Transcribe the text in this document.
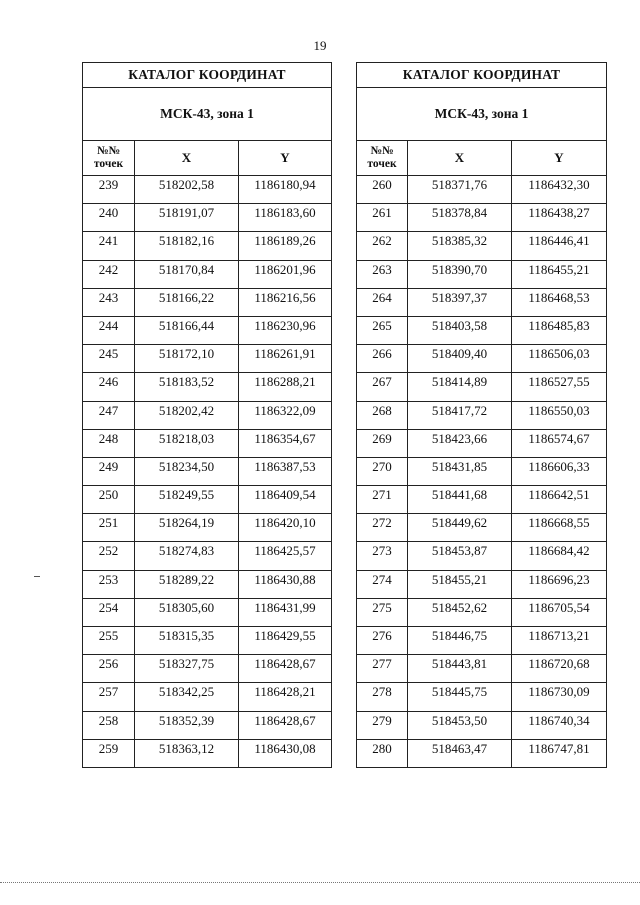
19
КАТАЛОГ КООРДИНАТ		
МСК-43, зона 1		
№№ точек	X	Y
239	518202,58	1186180,94
240	518191,07	1186183,60
241	518182,16	1186189,26
242	518170,84	1186201,96
243	518166,22	1186216,56
244	518166,44	1186230,96
245	518172,10	1186261,91
246	518183,52	1186288,21
247	518202,42	1186322,09
248	518218,03	1186354,67
249	518234,50	1186387,53
250	518249,55	1186409,54
251	518264,19	1186420,10
252	518274,83	1186425,57
253	518289,22	1186430,88
254	518305,60	1186431,99
255	518315,35	1186429,55
256	518327,75	1186428,67
257	518342,25	1186428,21
258	518352,39	1186428,67
259	518363,12	1186430,08
КАТАЛОГ КООРДИНАТ		
МСК-43, зона 1		
№№ точек	X	Y
260	518371,76	1186432,30
261	518378,84	1186438,27
262	518385,32	1186446,41
263	518390,70	1186455,21
264	518397,37	1186468,53
265	518403,58	1186485,83
266	518409,40	1186506,03
267	518414,89	1186527,55
268	518417,72	1186550,03
269	518423,66	1186574,67
270	518431,85	1186606,33
271	518441,68	1186642,51
272	518449,62	1186668,55
273	518453,87	1186684,42
274	518455,21	1186696,23
275	518452,62	1186705,54
276	518446,75	1186713,21
277	518443,81	1186720,68
278	518445,75	1186730,09
279	518453,50	1186740,34
280	518463,47	1186747,81
